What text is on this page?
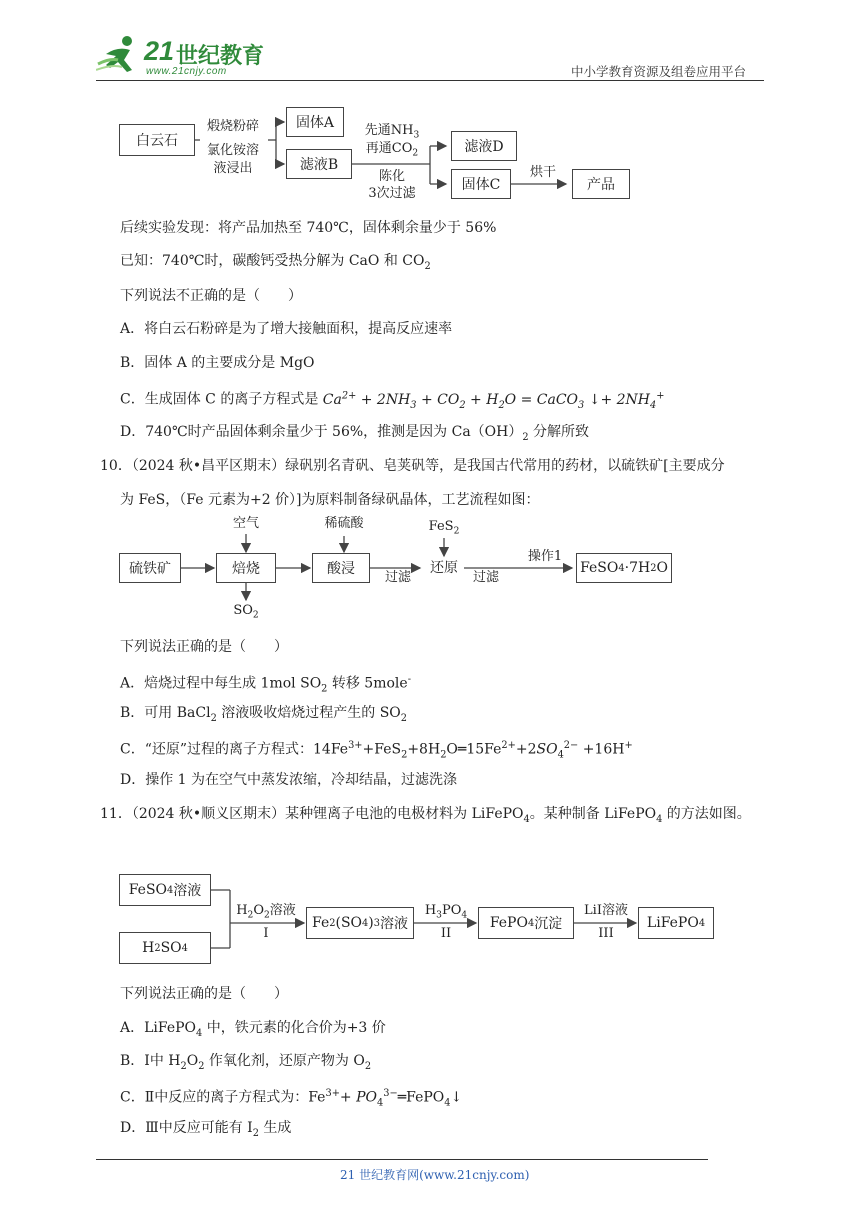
21 世纪教育
www.21cnjy.com	中小学教育资源及组卷应用平台
白云石
煅烧粉碎
氯化铵溶
液浸出
固体A
滤液B
先通$NH_3$
再通$CO_2$
陈化
3次过滤
滤液D
固体C
烘干
产品
后续实验发现：将产品加热至 740℃，固体剩余量少于 56%
已知：740℃时，碳酸钙受热分解为 CaO 和 $CO_2$
下列说法不正确的是（　　）
A．将白云石粉碎是为了增大接触面积，提高反应速率
B．固体 A 的主要成分是 MgO
C．生成固体 C 的离子方程式是 $Ca^{2+} + 2NH_3 + CO_2 + H_2O$ = CaCO$_3$ ↓+ $2NH_4^+$
D．740℃时产品固体剩余量少于 56%，推测是因为 $Ca(OH)_2$ 分解所致
10．（2024 秋•昌平区期末）绿矾别名青矾、皂荚矾等，是我国古代常用的药材，以硫铁矿[主要成分
为 FeS，（Fe 元素为+2 价）]为原料制备绿矾晶体，工艺流程如图：
硫铁矿
空气
焙烧
$SO_2$
稀硫酸
酸浸
过滤
FeS$_2$
还原
过滤
操作1
FeSO 4 ·7H 2 O
下列说法正确的是（　　）
A．焙烧过程中每生成 1mol $SO_2$ 转移 5mole-
B．可用 BaCl$_2$ 溶液吸收焙烧过程产生的 $SO_2$
C．“还原”过程的离子方程式：$14Fe^{3+}+FeS_2+8H_2O═15Fe^{2+}+2SO_4^{2-} +16H^+$
D．操作 1 为在空气中蒸发浓缩，冷却结晶，过滤洗涤
11．（2024 秋•顺义区期末）某种锂离子电池的电极材料为 LiFePO$_4$。某种制备 LiFePO$_4$ 的方法如图。
FeSO 4 溶液
H 2 SO 4
$H_2O_2$溶液
I
Fe 2 (SO 4 ) 3 溶液
$H_3PO_4$
II
FePO 4 沉淀
LiI溶液
III
LiFePO 4
下列说法正确的是（　　）
A．LiFePO$_4$ 中，铁元素的化合价为+3 价
B．Ⅰ中 $H_2O_2$ 作氧化剂，还原产物为 $O_2$
C．Ⅱ中反应的离子方程式为：$Fe^{3+}+$ $PO_4^{3-}═FePO_4↓$
D．Ⅲ中反应可能有 $I_2$ 生成
21 世纪教育网(www.21cnjy.com)
